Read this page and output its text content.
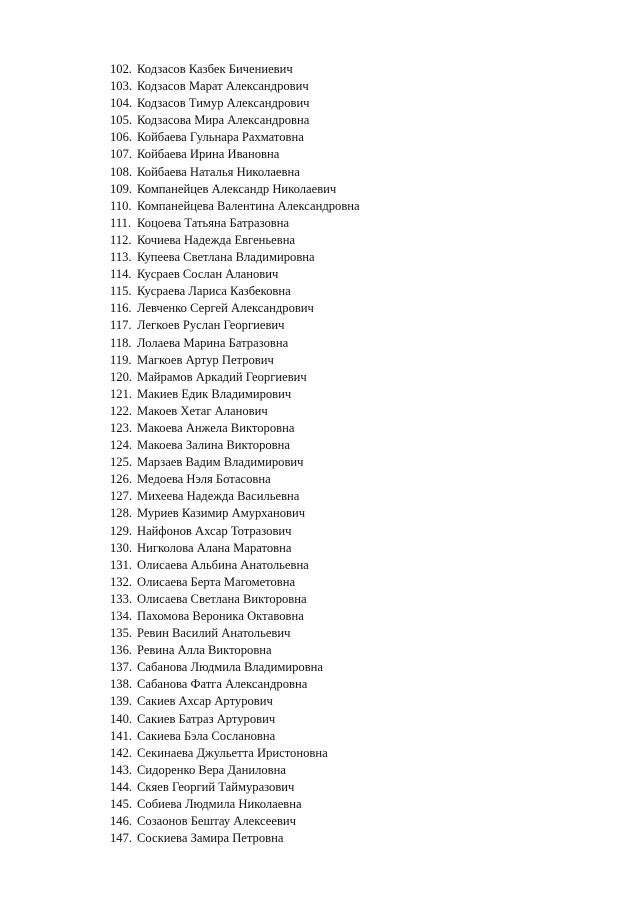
102. Кодзасов Казбек Бичениевич
103. Кодзасов Марат Александрович
104. Кодзасов Тимур Александрович
105. Кодзасова Мира Александровна
106. Койбаева Гульнара Рахматовна
107. Койбаева Ирина Ивановна
108. Койбаева Наталья Николаевна
109. Компанейцев Александр Николаевич
110. Компанейцева Валентина Александровна
111. Коцоева Татьяна Батразовна
112. Кочиева Надежда Евгеньевна
113. Купеева Светлана Владимировна
114. Кусраев Сослан Аланович
115. Кусраева Лариса Казбековна
116. Левченко Сергей Александрович
117. Легкоев Руслан Георгиевич
118. Лолаева Марина Батразовна
119. Магкоев Артур Петрович
120. Майрамов Аркадий Георгиевич
121. Макиев Едик Владимирович
122. Макоев Хетаг Аланович
123. Макоева Анжела Викторовна
124. Макоева Залина Викторовна
125. Марзаев Вадим Владимирович
126. Медоева Нэля Ботасовна
127. Михеева Надежда Васильевна
128. Муриев Казимир Амурханович
129. Найфонов Ахсар Тотразович
130. Нигколова Алана Маратовна
131. Олисаева Альбина Анатольевна
132. Олисаева Берта Магометовна
133. Олисаева Светлана Викторовна
134. Пахомова Вероника Октавовна
135. Ревин Василий Анатольевич
136. Ревина Алла Викторовна
137. Сабанова Людмила Владимировна
138. Сабанова Фатга Александровна
139. Сакиев Ахсар Артурович
140. Сакиев Батраз Артурович
141. Сакиева Бэла Сослановна
142. Секинаева Джульетта Иристоновна
143. Сидоренко Вера Даниловна
144. Скяев Георгий Таймуразович
145. Собиева Людмила Николаевна
146. Созаонов Бештау Алексеевич
147. Соскиева Замира Петровна
